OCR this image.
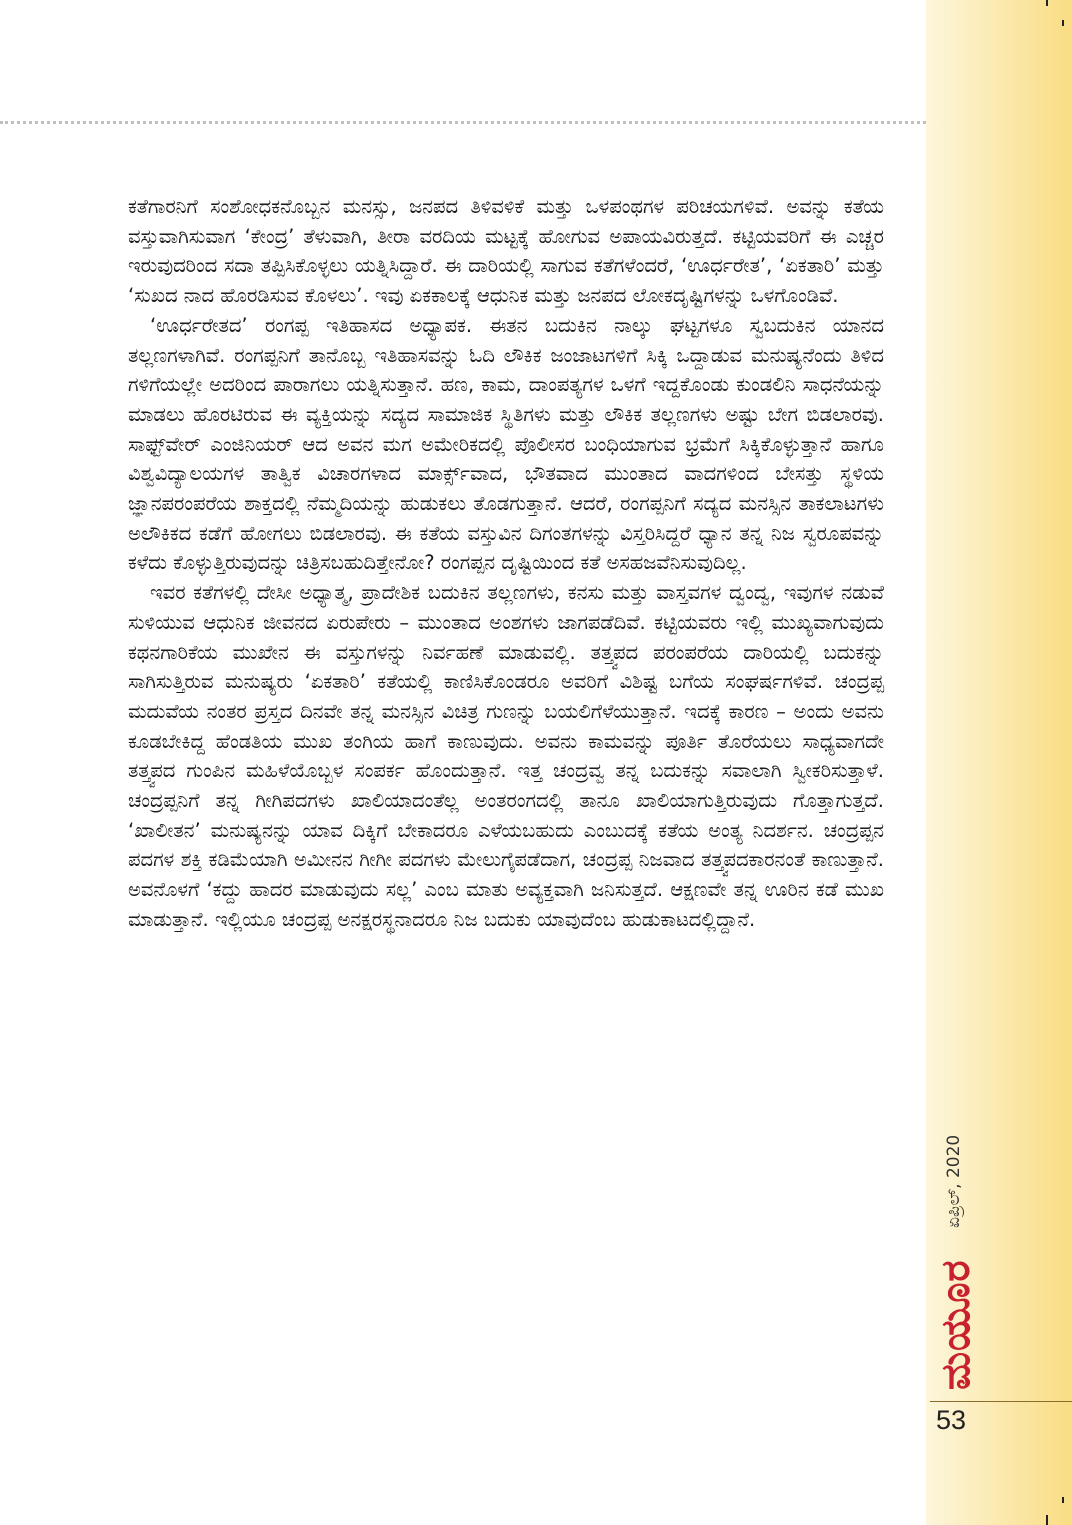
ಕತೆಗಾರನಿಗೆ ಸಂಶೋಧಕನೊಬ್ಬನ ಮನಸ್ಸು, ಜನಪದ ತಿಳಿವಳಿಕೆ ಮತ್ತು ಒಳಪಂಥಗಳ ಪರಿಚಯಗಳಿವೆ. ಅವನ್ನು ಕತೆಯ ವಸ್ತುವಾಗಿಸುವಾಗ ‘ಕೇಂದ್ರ’ ತೆಳುವಾಗಿ, ತೀರಾ ವರದಿಯ ಮಟ್ಟಕ್ಕೆ ಹೋಗುವ ಅಪಾಯವಿರುತ್ತದೆ. ಕಟ್ಟಿಯವರಿಗೆ ಈ ಎಚ್ಚರ ಇರುವುದರಿಂದ ಸದಾ ತಪ್ಪಿಸಿಕೊಳ್ಳಲು ಯತ್ನಿಸಿದ್ದಾರೆ. ಈ ದಾರಿಯಲ್ಲಿ ಸಾಗುವ ಕತೆಗಳೆಂದರೆ, ‘ಊರ್ಧರೇತ’, ‘ಏಕತಾರಿ’ ಮತ್ತು ‘ಸುಖದ ನಾದ ಹೊರಡಿಸುವ ಕೊಳಲು’. ಇವು ಏಕಕಾಲಕ್ಕೆ ಆಧುನಿಕ ಮತ್ತು ಜನಪದ ಲೋಕದೃಷ್ಟಿಗಳನ್ನು ಒಳಗೊಂಡಿವೆ.

‘ಊರ್ಧರೇತದ’ ರಂಗಪ್ಪ ಇತಿಹಾಸದ ಅಧ್ಯಾಪಕ. ಈತನ ಬದುಕಿನ ನಾಲ್ಕು ಘಟ್ಟಗಳೂ ಸ್ವಬದುಕಿನ ಯಾನದ ತಲ್ಲಣಗಳಾಗಿವೆ. ರಂಗಪ್ಪನಿಗೆ ತಾನೊಬ್ಬ ಇತಿಹಾಸವನ್ನು ಓದಿ ಲೌಕಿಕ ಜಂಜಾಟಗಳಿಗೆ ಸಿಕ್ಕಿ ಒದ್ದಾಡುವ ಮನುಷ್ಯನೆಂದು ತಿಳಿದ ಗಳಿಗೆಯಲ್ಲೇ ಅದರಿಂದ ಪಾರಾಗಲು ಯತ್ನಿಸುತ್ತಾನೆ. ಹಣ, ಕಾಮ, ದಾಂಪತ್ಯಗಳ ಒಳಗೆ ಇದ್ದಕೊಂಡು ಕುಂಡಲಿನಿ ಸಾಧನೆಯನ್ನು ಮಾಡಲು ಹೊರಟಿರುವ ಈ ವ್ಯಕ್ತಿಯನ್ನು ಸದ್ಯದ ಸಾಮಾಜಿಕ ಸ್ಥಿತಿಗಳು ಮತ್ತು ಲೌಕಿಕ ತಲ್ಲಣಗಳು ಅಷ್ಟು ಬೇಗ ಬಿಡಲಾರವು. ಸಾಫ್ಟ್‌ವೇರ್ ಎಂಜಿನಿಯರ್ ಆದ ಅವನ ಮಗ ಅಮೇರಿಕದಲ್ಲಿ ಪೊಲೀಸರ ಬಂಧಿಯಾಗುವ ಭ್ರಮೆಗೆ ಸಿಕ್ಕಿಕೊಳ್ಳುತ್ತಾನೆ ಹಾಗೂ ವಿಶ್ವವಿದ್ಯಾಲಯಗಳ ತಾತ್ವಿಕ ವಿಚಾರಗಳಾದ ಮಾರ್ಕ್ಸ್‌ವಾದ, ಭೌತವಾದ ಮುಂತಾದ ವಾದಗಳಿಂದ ಬೇಸತ್ತು ಸ್ಥಳಿಯ ಜ್ಞಾನಪರಂಪರೆಯ ಶಾಕ್ತದಲ್ಲಿ ನೆಮ್ಮದಿಯನ್ನು ಹುಡುಕಲು ತೊಡಗುತ್ತಾನೆ. ಆದರೆ, ರಂಗಪ್ಪನಿಗೆ ಸದ್ಯದ ಮನಸ್ಸಿನ ತಾಕಲಾಟಗಳು ಅಲೌಕಿಕದ ಕಡೆಗೆ ಹೋಗಲು ಬಿಡಲಾರವು. ಈ ಕತೆಯ ವಸ್ತುವಿನ ದಿಗಂತಗಳನ್ನು ವಿಸ್ತರಿಸಿದ್ದರೆ ಧ್ಯಾನ ತನ್ನ ನಿಜ ಸ್ವರೂಪವನ್ನು ಕಳೆದು ಕೊಳ್ಳುತ್ತಿರುವುದನ್ನು ಚಿತ್ರಿಸಬಹುದಿತ್ತೇನೋ? ರಂಗಪ್ಪನ ದೃಷ್ಟಿಯಿಂದ ಕತೆ ಅಸಹಜವೆನಿಸುವುದಿಲ್ಲ.

ಇವರ ಕತೆಗಳಲ್ಲಿ ದೇಸೀ ಅಧ್ಯಾತ್ಮ, ಪ್ರಾದೇಶಿಕ ಬದುಕಿನ ತಲ್ಲಣಗಳು, ಕನಸು ಮತ್ತು ವಾಸ್ತವಗಳ ದ್ವಂದ್ವ, ಇವುಗಳ ನಡುವೆ ಸುಳಿಯುವ ಆಧುನಿಕ ಜೀವನದ ಏರುಪೇರು – ಮುಂತಾದ ಅಂಶಗಳು ಜಾಗಪಡೆದಿವೆ. ಕಟ್ಟಿಯವರು ಇಲ್ಲಿ ಮುಖ್ಯವಾಗುವುದು ಕಥನಗಾರಿಕೆಯ ಮುಖೇನ ಈ ವಸ್ತುಗಳನ್ನು ನಿರ್ವಹಣೆ ಮಾಡುವಲ್ಲಿ. ತತ್ತ್ವಪದ ಪರಂಪರೆಯ ದಾರಿಯಲ್ಲಿ ಬದುಕನ್ನು ಸಾಗಿಸುತ್ತಿರುವ ಮನುಷ್ಯರು ‘ಏಕತಾರಿ’ ಕತೆಯಲ್ಲಿ ಕಾಣಿಸಿಕೊಂಡರೂ ಅವರಿಗೆ ವಿಶಿಷ್ಟ ಬಗೆಯ ಸಂಘರ್ಷಗಳಿವೆ. ಚಂದ್ರಪ್ಪ ಮದುವೆಯ ನಂತರ ಪ್ರಸ್ತದ ದಿನವೇ ತನ್ನ ಮನಸ್ಸಿನ ವಿಚಿತ್ರ ಗುಣನ್ನು ಬಯಲಿಗೆಳೆಯುತ್ತಾನೆ. ಇದಕ್ಕೆ ಕಾರಣ – ಅಂದು ಅವನು ಕೂಡಬೇಕಿದ್ದ ಹೆಂಡತಿಯ ಮುಖ ತಂಗಿಯ ಹಾಗೆ ಕಾಣುವುದು. ಅವನು ಕಾಮವನ್ನು ಪೂರ್ತಿ ತೊರೆಯಲು ಸಾಧ್ಯವಾಗದೇ ತತ್ತ್ವಪದ ಗುಂಪಿನ ಮಹಿಳೆಯೊಬ್ಬಳ ಸಂಪರ್ಕ ಹೊಂದುತ್ತಾನೆ. ಇತ್ತ ಚಂದ್ರವ್ವ ತನ್ನ ಬದುಕನ್ನು ಸವಾಲಾಗಿ ಸ್ವೀಕರಿಸುತ್ತಾಳೆ. ಚಂದ್ರಪ್ಪನಿಗೆ ತನ್ನ ಗೀಗಿಪದಗಳು ಖಾಲಿಯಾದಂತೆಲ್ಲ ಅಂತರಂಗದಲ್ಲಿ ತಾನೂ ಖಾಲಿಯಾಗುತ್ತಿರುವುದು ಗೊತ್ತಾಗುತ್ತದೆ. ‘ಖಾಲೀತನ’ ಮನುಷ್ಯನನ್ನು ಯಾವ ದಿಕ್ಕಿಗೆ ಬೇಕಾದರೂ ಎಳೆಯಬಹುದು ಎಂಬುದಕ್ಕೆ ಕತೆಯ ಅಂತ್ಯ ನಿದರ್ಶನ. ಚಂದ್ರಪ್ಪನ ಪದಗಳ ಶಕ್ತಿ ಕಡಿಮೆಯಾಗಿ ಅಮೀನನ ಗೀಗೀ ಪದಗಳು ಮೇಲುಗೈಪಡೆದಾಗ, ಚಂದ್ರಪ್ಪ ನಿಜವಾದ ತತ್ತ್ವಪದಕಾರನಂತೆ ಕಾಣುತ್ತಾನೆ. ಅವನೊಳಗೆ ‘ಕದ್ದು ಹಾದರ ಮಾಡುವುದು ಸಲ್ಲ’ ಎಂಬ ಮಾತು ಅವ್ಯಕ್ತವಾಗಿ ಜನಿಸುತ್ತದೆ. ಆಕ್ಷಣವೇ ತನ್ನ ಊರಿನ ಕಡೆ ಮುಖ ಮಾಡುತ್ತಾನೆ. ಇಲ್ಲಿಯೂ ಚಂದ್ರಪ್ಪ ಅನಕ್ಷರಸ್ಥನಾದರೂ ನಿಜ ಬದುಕು ಯಾವುದೆಂಬ ಹುಡುಕಾಟದಲ್ಲಿದ್ದಾನೆ.

ಮಯೂರ
ಏಪ್ರಿಲ್, 2020
53
